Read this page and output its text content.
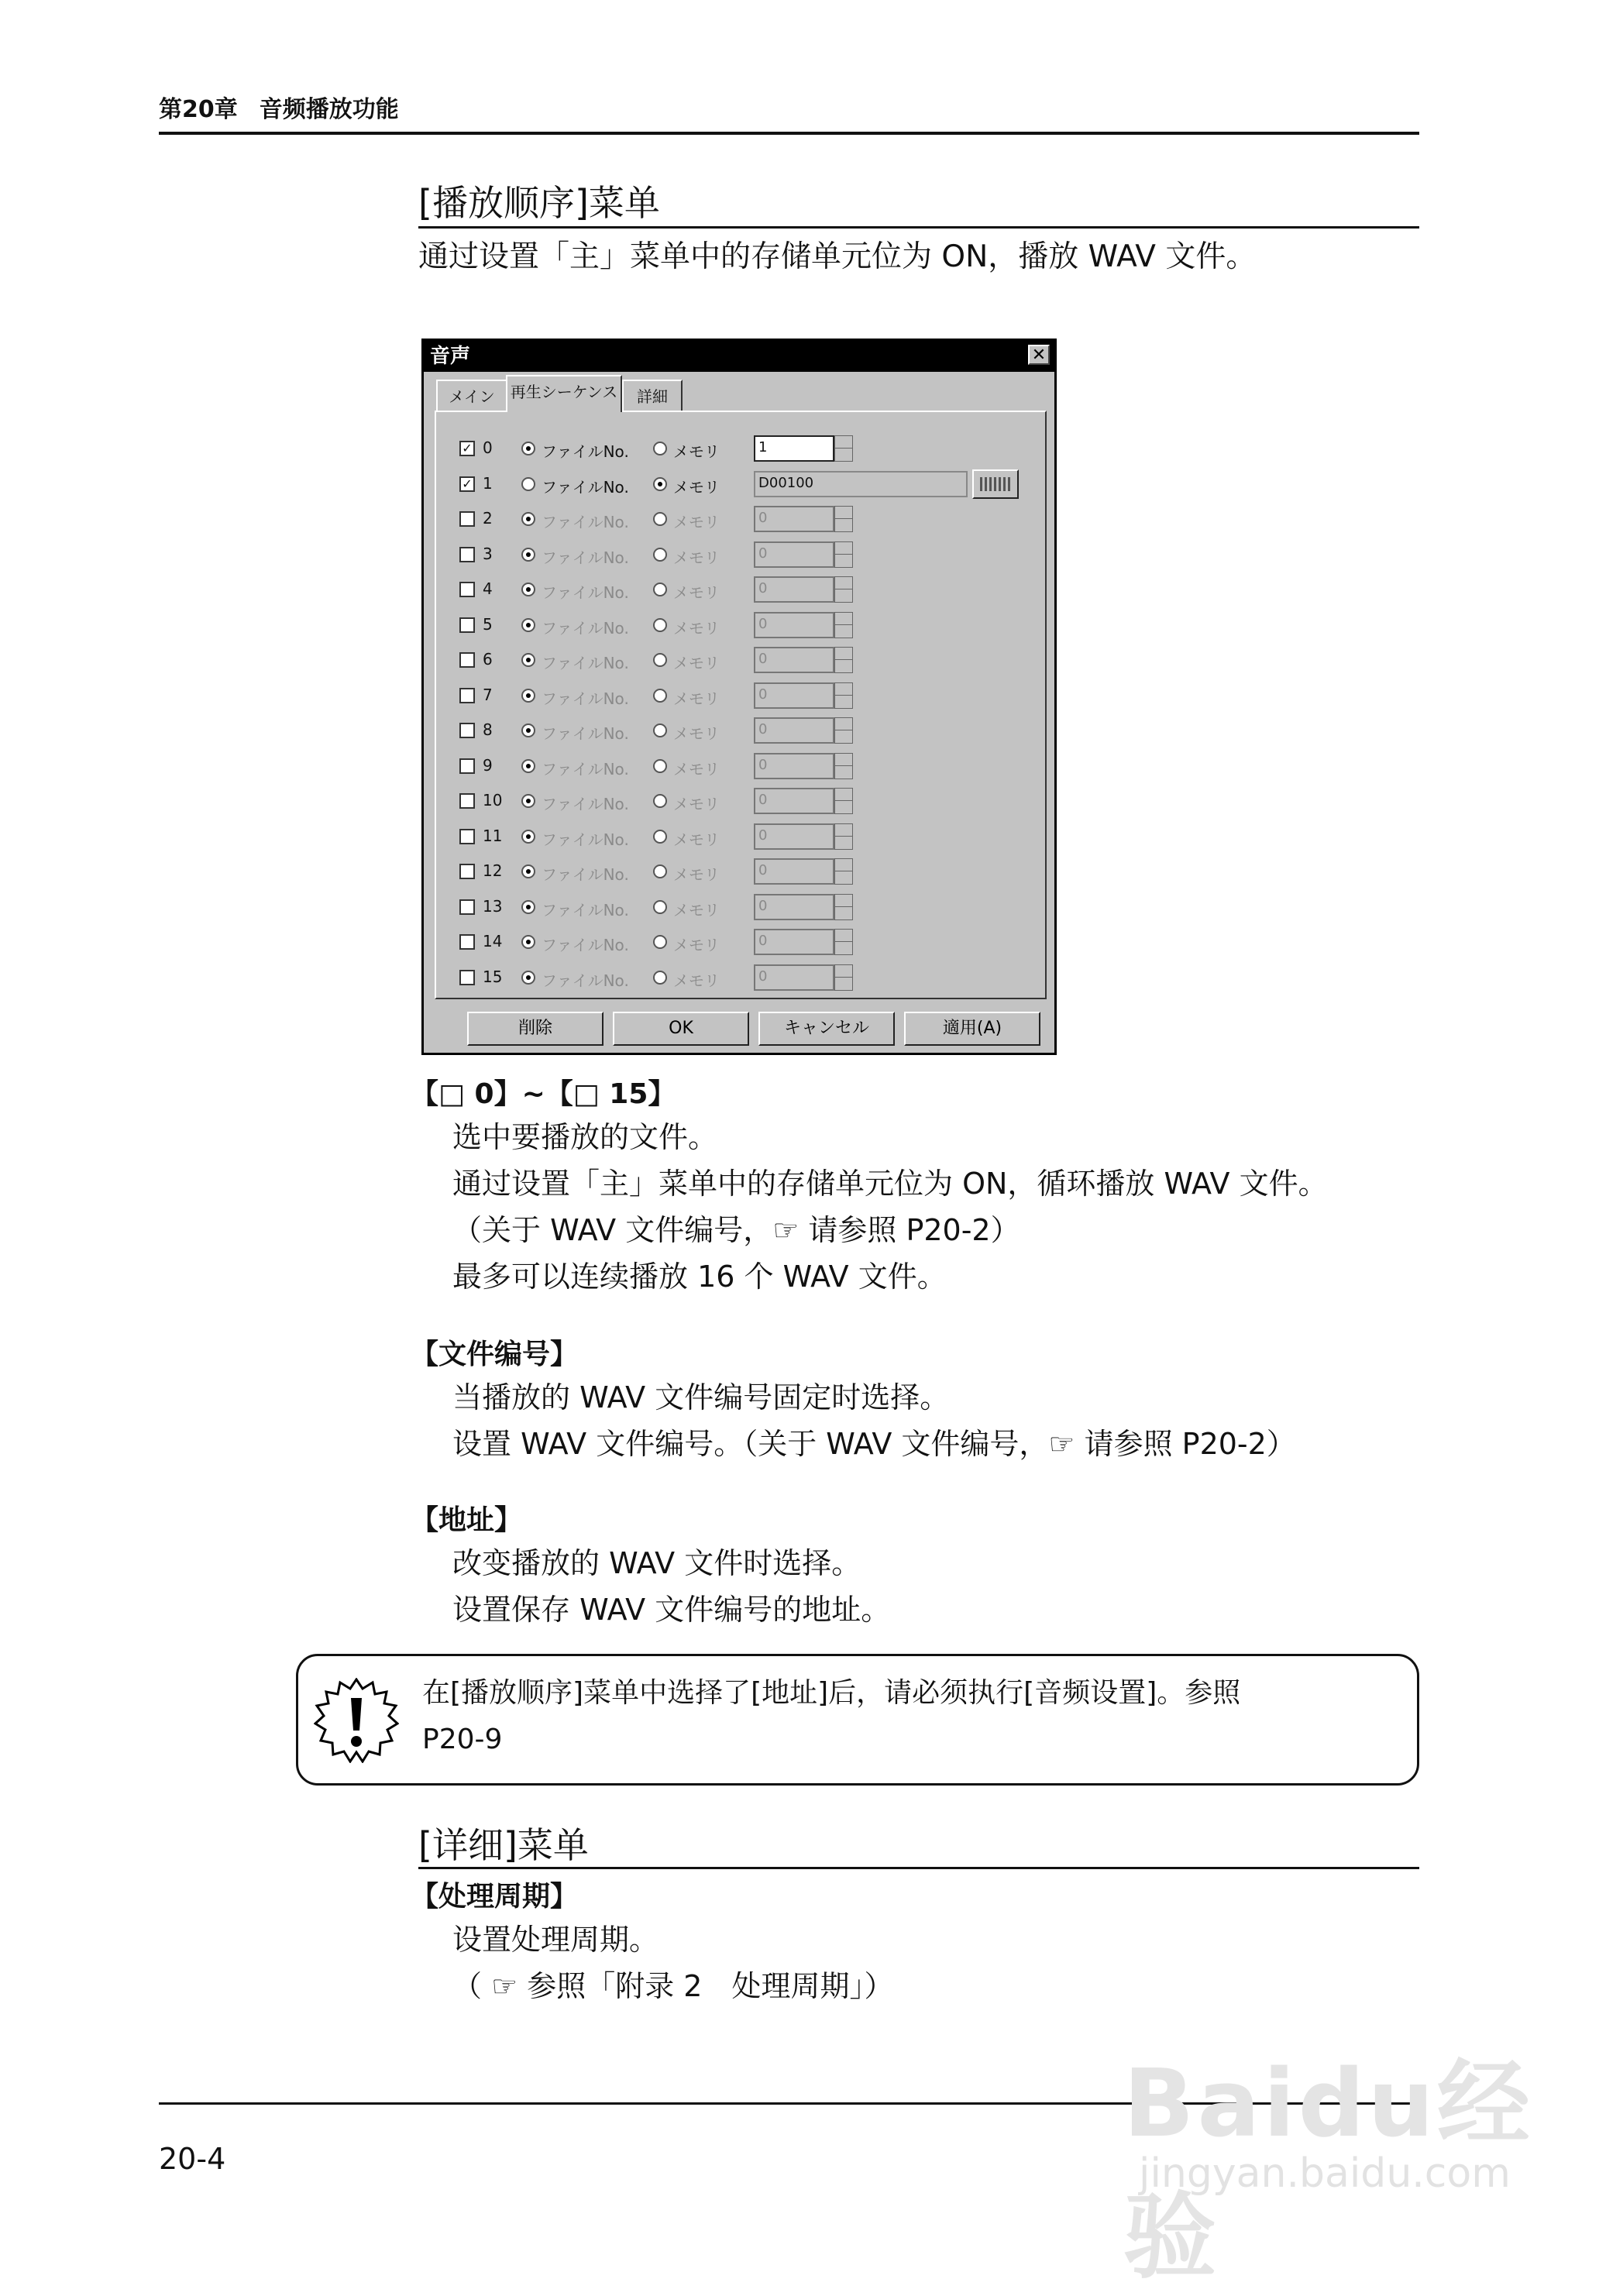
第20章 音频播放功能
[播放顺序]菜单
通过设置「主」菜单中的存储单元位为 ON，播放 WAV 文件。
音声	✕
メイン	再生シーケンス	詳細
✓ 0	ファイルNo.	メモリ	1
✓ 1	ファイルNo.	メモリ	D00100
2	ファイルNo.	メモリ	0
3	ファイルNo.	メモリ	0
4	ファイルNo.	メモリ	0
5	ファイルNo.	メモリ	0
6	ファイルNo.	メモリ	0
7	ファイルNo.	メモリ	0
8	ファイルNo.	メモリ	0
9	ファイルNo.	メモリ	0
10	ファイルNo.	メモリ	0
11	ファイルNo.	メモリ	0
12	ファイルNo.	メモリ	0
13	ファイルNo.	メモリ	0
14	ファイルNo.	メモリ	0
15	ファイルNo.	メモリ	0
削除	OK	キャンセル	適用(A)
【□ 0】~【□ 15】
选中要播放的文件。
通过设置「主」菜单中的存储单元位为 ON，循环播放 WAV 文件。
（关于 WAV 文件编号，☞ 请参照 P20-2）
最多可以连续播放 16 个 WAV 文件。
【文件编号】
当播放的 WAV 文件编号固定时选择。
设置 WAV 文件编号。（关于 WAV 文件编号，☞ 请参照 P20-2）
【地址】
改变播放的 WAV 文件时选择。
设置保存 WAV 文件编号的地址。
在[播放顺序]菜单中选择了[地址]后，请必须执行[音频设置]。参照
P20-9
[详细]菜单
【处理周期】
设置处理周期。
（ ☞ 参照「附录 2　处理周期」）
20-4
Baidu经验
jingyan.baidu.com
